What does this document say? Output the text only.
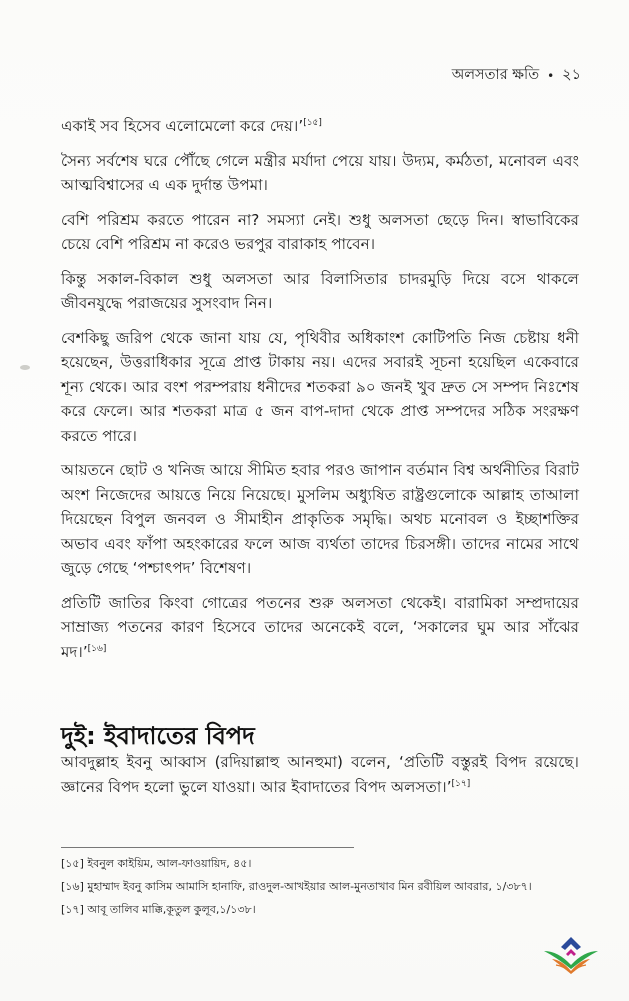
অলসতার ক্ষতি • ২১

একাই সব হিসেব এলোমেলো করে দেয়।’[১৫]

সৈন্য সর্বশেষ ঘরে পৌঁছে গেলে মন্ত্রীর মর্যাদা পেয়ে যায়। উদ্যম, কর্মঠতা, মনোবল এবং আত্মবিশ্বাসের এ এক দুর্দান্ত উপমা।

বেশি পরিশ্রম করতে পারেন না? সমস্যা নেই। শুধু অলসতা ছেড়ে দিন। স্বাভাবিকের চেয়ে বেশি পরিশ্রম না করেও ভরপুর বারাকাহ পাবেন।

কিন্তু সকাল-বিকাল শুধু অলসতা আর বিলাসিতার চাদরমুড়ি দিয়ে বসে থাকলে জীবনযুদ্ধে পরাজয়ের সুসংবাদ নিন।

বেশকিছু জরিপ থেকে জানা যায় যে, পৃথিবীর অধিকাংশ কোটিপতি নিজ চেষ্টায় ধনী হয়েছেন, উত্তরাধিকার সূত্রে প্রাপ্ত টাকায় নয়। এদের সবারই সূচনা হয়েছিল একেবারে শূন্য থেকে। আর বংশ পরম্পরায় ধনীদের শতকরা ৯০ জনই খুব দ্রুত সে সম্পদ নিঃশেষ করে ফেলে। আর শতকরা মাত্র ৫ জন বাপ-দাদা থেকে প্রাপ্ত সম্পদের সঠিক সংরক্ষণ করতে পারে।

আয়তনে ছোট ও খনিজ আয়ে সীমিত হবার পরও জাপান বর্তমান বিশ্ব অর্থনীতির বিরাট অংশ নিজেদের আয়ত্তে নিয়ে নিয়েছে। মুসলিম অধ্যুষিত রাষ্ট্রগুলোকে আল্লাহ তাআলা দিয়েছেন বিপুল জনবল ও সীমাহীন প্রাকৃতিক সমৃদ্ধি। অথচ মনোবল ও ইচ্ছাশক্তির অভাব এবং ফাঁপা অহংকারের ফলে আজ ব্যর্থতা তাদের চিরসঙ্গী। তাদের নামের সাথে জুড়ে গেছে ‘পশ্চাৎপদ’ বিশেষণ।

প্রতিটি জাতির কিংবা গোত্রের পতনের শুরু অলসতা থেকেই। বারামিকা সম্প্রদায়ের সাম্রাজ্য পতনের কারণ হিসেবে তাদের অনেকেই বলে, ‘সকালের ঘুম আর সাঁঝের মদ।’[১৬]

দুই: ইবাদাতের বিপদ
আবদুল্লাহ ইবনু আব্বাস (রদিয়াল্লাহু আনহুমা) বলেন, ‘প্রতিটি বস্তুরই বিপদ রয়েছে। জ্ঞানের বিপদ হলো ভুলে যাওয়া। আর ইবাদাতের বিপদ অলসতা।’[১৭]
[১৫] ইবনুল কাইয়িম, আল-ফাওয়ায়িদ, ৪৫।
[১৬] মুহাম্মাদ ইবনু কাসিম আমাসি হানাফি, রাওদুল-আখইয়ার আল-মুনতাখাব মিন রবীয়িল আবরার, ১/৩৮৭।
[১৭] আবূ তালিব মাক্কি,কূতুল কুলূব,১/১৩৮।
